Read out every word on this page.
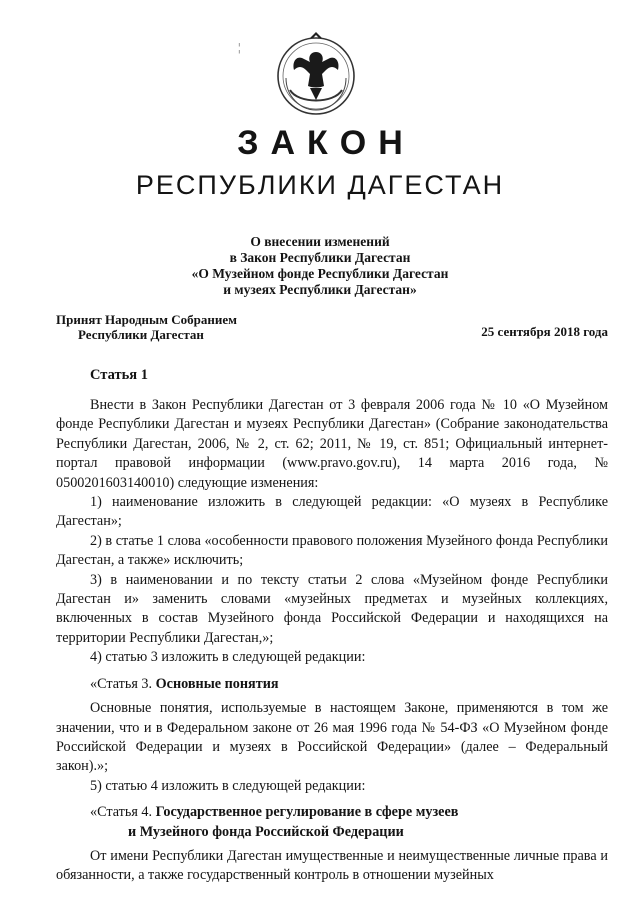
¦
ЗАКОН
РЕСПУБЛИКИ ДАГЕСТАН
О внесении изменений
в Закон Республики Дагестан
«О Музейном фонде Республики Дагестан
и музеях Республики Дагестан»
Принят Народным Собранием
Республики Дагестан	25 сентября 2018 года
Статья 1

Внести в Закон Республики Дагестан от 3 февраля 2006 года № 10 «О Музейном фонде Республики Дагестан и музеях Республики Дагестан» (Собрание законодательства Республики Дагестан, 2006, № 2, ст. 62; 2011, № 19, ст. 851; Официальный интернет-портал правовой информации (www.pravo.gov.ru), 14 марта 2016 года, № 0500201603140010) следующие изменения:

1) наименование изложить в следующей редакции: «О музеях в Республике Дагестан»;

2) в статье 1 слова «особенности правового положения Музейного фонда Республики Дагестан, а также» исключить;

3) в наименовании и по тексту статьи 2 слова «Музейном фонде Республики Дагестан и» заменить словами «музейных предметах и музейных коллекциях, включенных в состав Музейного фонда Российской Федерации и находящихся на территории Республики Дагестан,»;

4) статью 3 изложить в следующей редакции:

«Статья 3. Основные понятия

Основные понятия, используемые в настоящем Законе, применяются в том же значении, что и в Федеральном законе от 26 мая 1996 года № 54-ФЗ «О Музейном фонде Российской Федерации и музеях в Российской Федерации» (далее – Федеральный закон).»;

5) статью 4 изложить в следующей редакции:

«Статья 4. Государственное регулирование в сфере музеев
и Музейного фонда Российской Федерации

От имени Республики Дагестан имущественные и неимущественные личные права и обязанности, а также государственный контроль в отношении музейных
